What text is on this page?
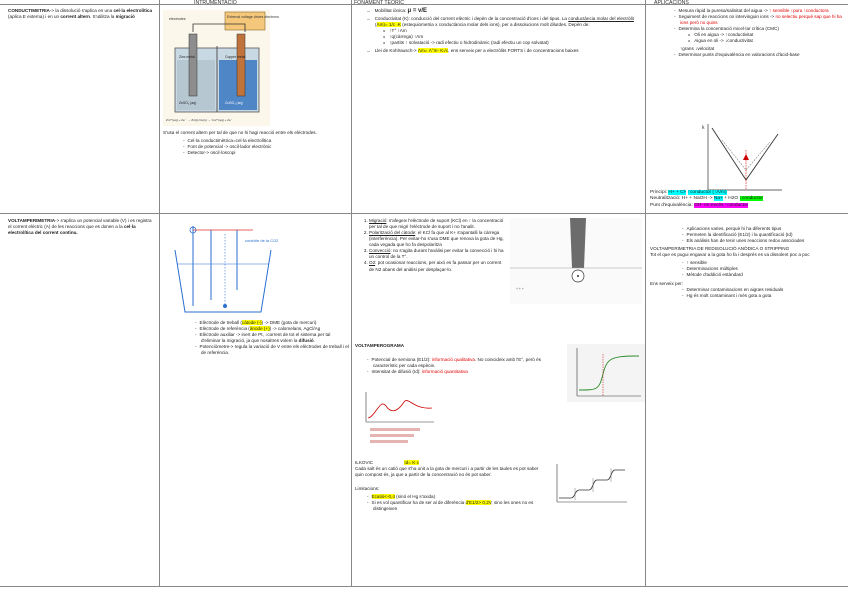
INTRUMENTACIÓ	FONAMENT TEÒRIC	APLICACIONS

CONDUCTIMETRIA-> la dissolució s'aplica en una cel·la electrolítica (aplica E externa) i en un corrent altern. S'utilitza la migració	External voltage drives electrons
electrodes
Zinc metal	Copper metal
ZnSO₄ (aq)	CuSO₄ (aq)
Zn²⁺(aq) + 2e⁻ → Zn(s) Cu(s) → Cu²⁺(aq) + 2e⁻

S'usa el corrent altern per tal de que no hi hagi reacció entre els elèctrodes.

- Cel·la conductimètrica=cel·la electrolítica
- Font de potencial -> oscil·lador electrònic
- Detector-> oscil·loscopi
→ Mobilitat iònica: μ = v/E
→ Conductivitat (K): conducció del corrent elèctric i depèn de la concentració d'ions i del tipus. La conductància molar del electròlit (Λm)= 1/c ·K (estequiometria x conductància molar dels ions), per a dissolucions molt diluïdes. Depèn de:
o ↑T° ↑Λm
o ↑q(càrrega) ↑Λm
o ↑partits ↑ solvatació -> radi efectiu o hidrodinàmic (radi efectiu un cop solvatat)
→ Llei de Kohlrausch-> Λm= Λ°m- K√c, ens serveix per a electròlits FORTS i de concentracions baixes
- Mesura ràpid la puresa/salinitat del aigua -> ↑ sensible ↑pura ↑conductora
- Seguiment de reaccions on intervinguin ions -> no selectiu perquè sap que hi ha ions però no quins
- Determina la concentració micel·lar crítica (CMC)
o Oli en aigua -> ↑conductivitat
o Aigua en oli -> ↓conductivitat
↑grans ↓velocitat
- Determinar punts d'equivalència en valoracions d'àcid-base
k
Principi: H+ + Cl- ↑conductor (↑Λ/m)
Neutralització: H+ + NaOH -> Na+ + H2O ↓conductor
Punt d'equivalència: OH- en excés ↑conductor

VOLTAMPERIMETRIA-> s'aplica un potencial variable (V) i es registra el corrent elèctric (A) de les reaccions que es donen a la cel·la electrolítica del corrent continu.

contrôle de la CO2
- Elèctrode de treball (càtode (-)) -> DME (gota de mercuri)
- Elèctrode de referència (ànode (+)) -> calomelans, AgCl/Ag
- Elèctrode auxiliar -> inert de Pt, ↓corrent de tot el sistema per tal d'eliminar la migració, ja que nosaltres volem la difusió.
- Potenciòmetre-> regula la variació de V entre els elèctrodes de treball i el de referència.
1. Migració: s'afegeix l'elèctrode de suport (KCl) en ↑ la concentració per tal de que migri l'elèctrode de suport i no l'analit.
2. Polarització del càtode: el KCl fa que al K+ s'apantalli la càrrega (interferència). Per evitar-ho s'usa DME que renova la gota de Hg, cada vegada que ho fa despolaritza
3. Convecció: no s'agita durant l'anàlisi per evitar la convecció i hi ha un control de la T°.
4. O2: pot ocasionar reaccions, per aixó es fa passar per un corrent de N2 abans del anàlisi per desplaçar-lo.
+ + +
VOLTAMPEROGRAMA
- Potencial de semiona (E1/2): informació qualitativa. No coincideix amb l'E°, però és característic per cada espècie.
- Intensitat de difusió (Id): informació quantitativa
ILKOVIC	Id= K·c

Cada salt és un catió que s'ha unit a la gota de mercuri i a partir de les taules es pot saber quin compost és, ja que a partir de la concentració no és pot saber.

Limitacions:

- Ecatió<-0,4 (sinó el Hg s'oxida)
- Si es vol quantificar ha de ser al de diferència d'E1/2> 0,2V, sino les ones no es distingeixen
- Aplicacions varies, perquè hi ha diferents tipus
- Permeten la identificació (E1/2) i la quantificació (Id)
- Els anàlisis han de tenir unes reaccions redox associades
VOLTAMPERIMETRIA DE REDISOLUCIÓ ANÒDICA O STRIPPING

Tot el que es pugui engavar a la gota ho fa i després es va dissolent poc a poc

- ↑ sensible
- Determinacions múltiples
- Mètode d'addició estàndard
Ens serveix per:
- Determinar contaminacions en aigües residuals
- Hg és molt contaminant i més gota a gota
